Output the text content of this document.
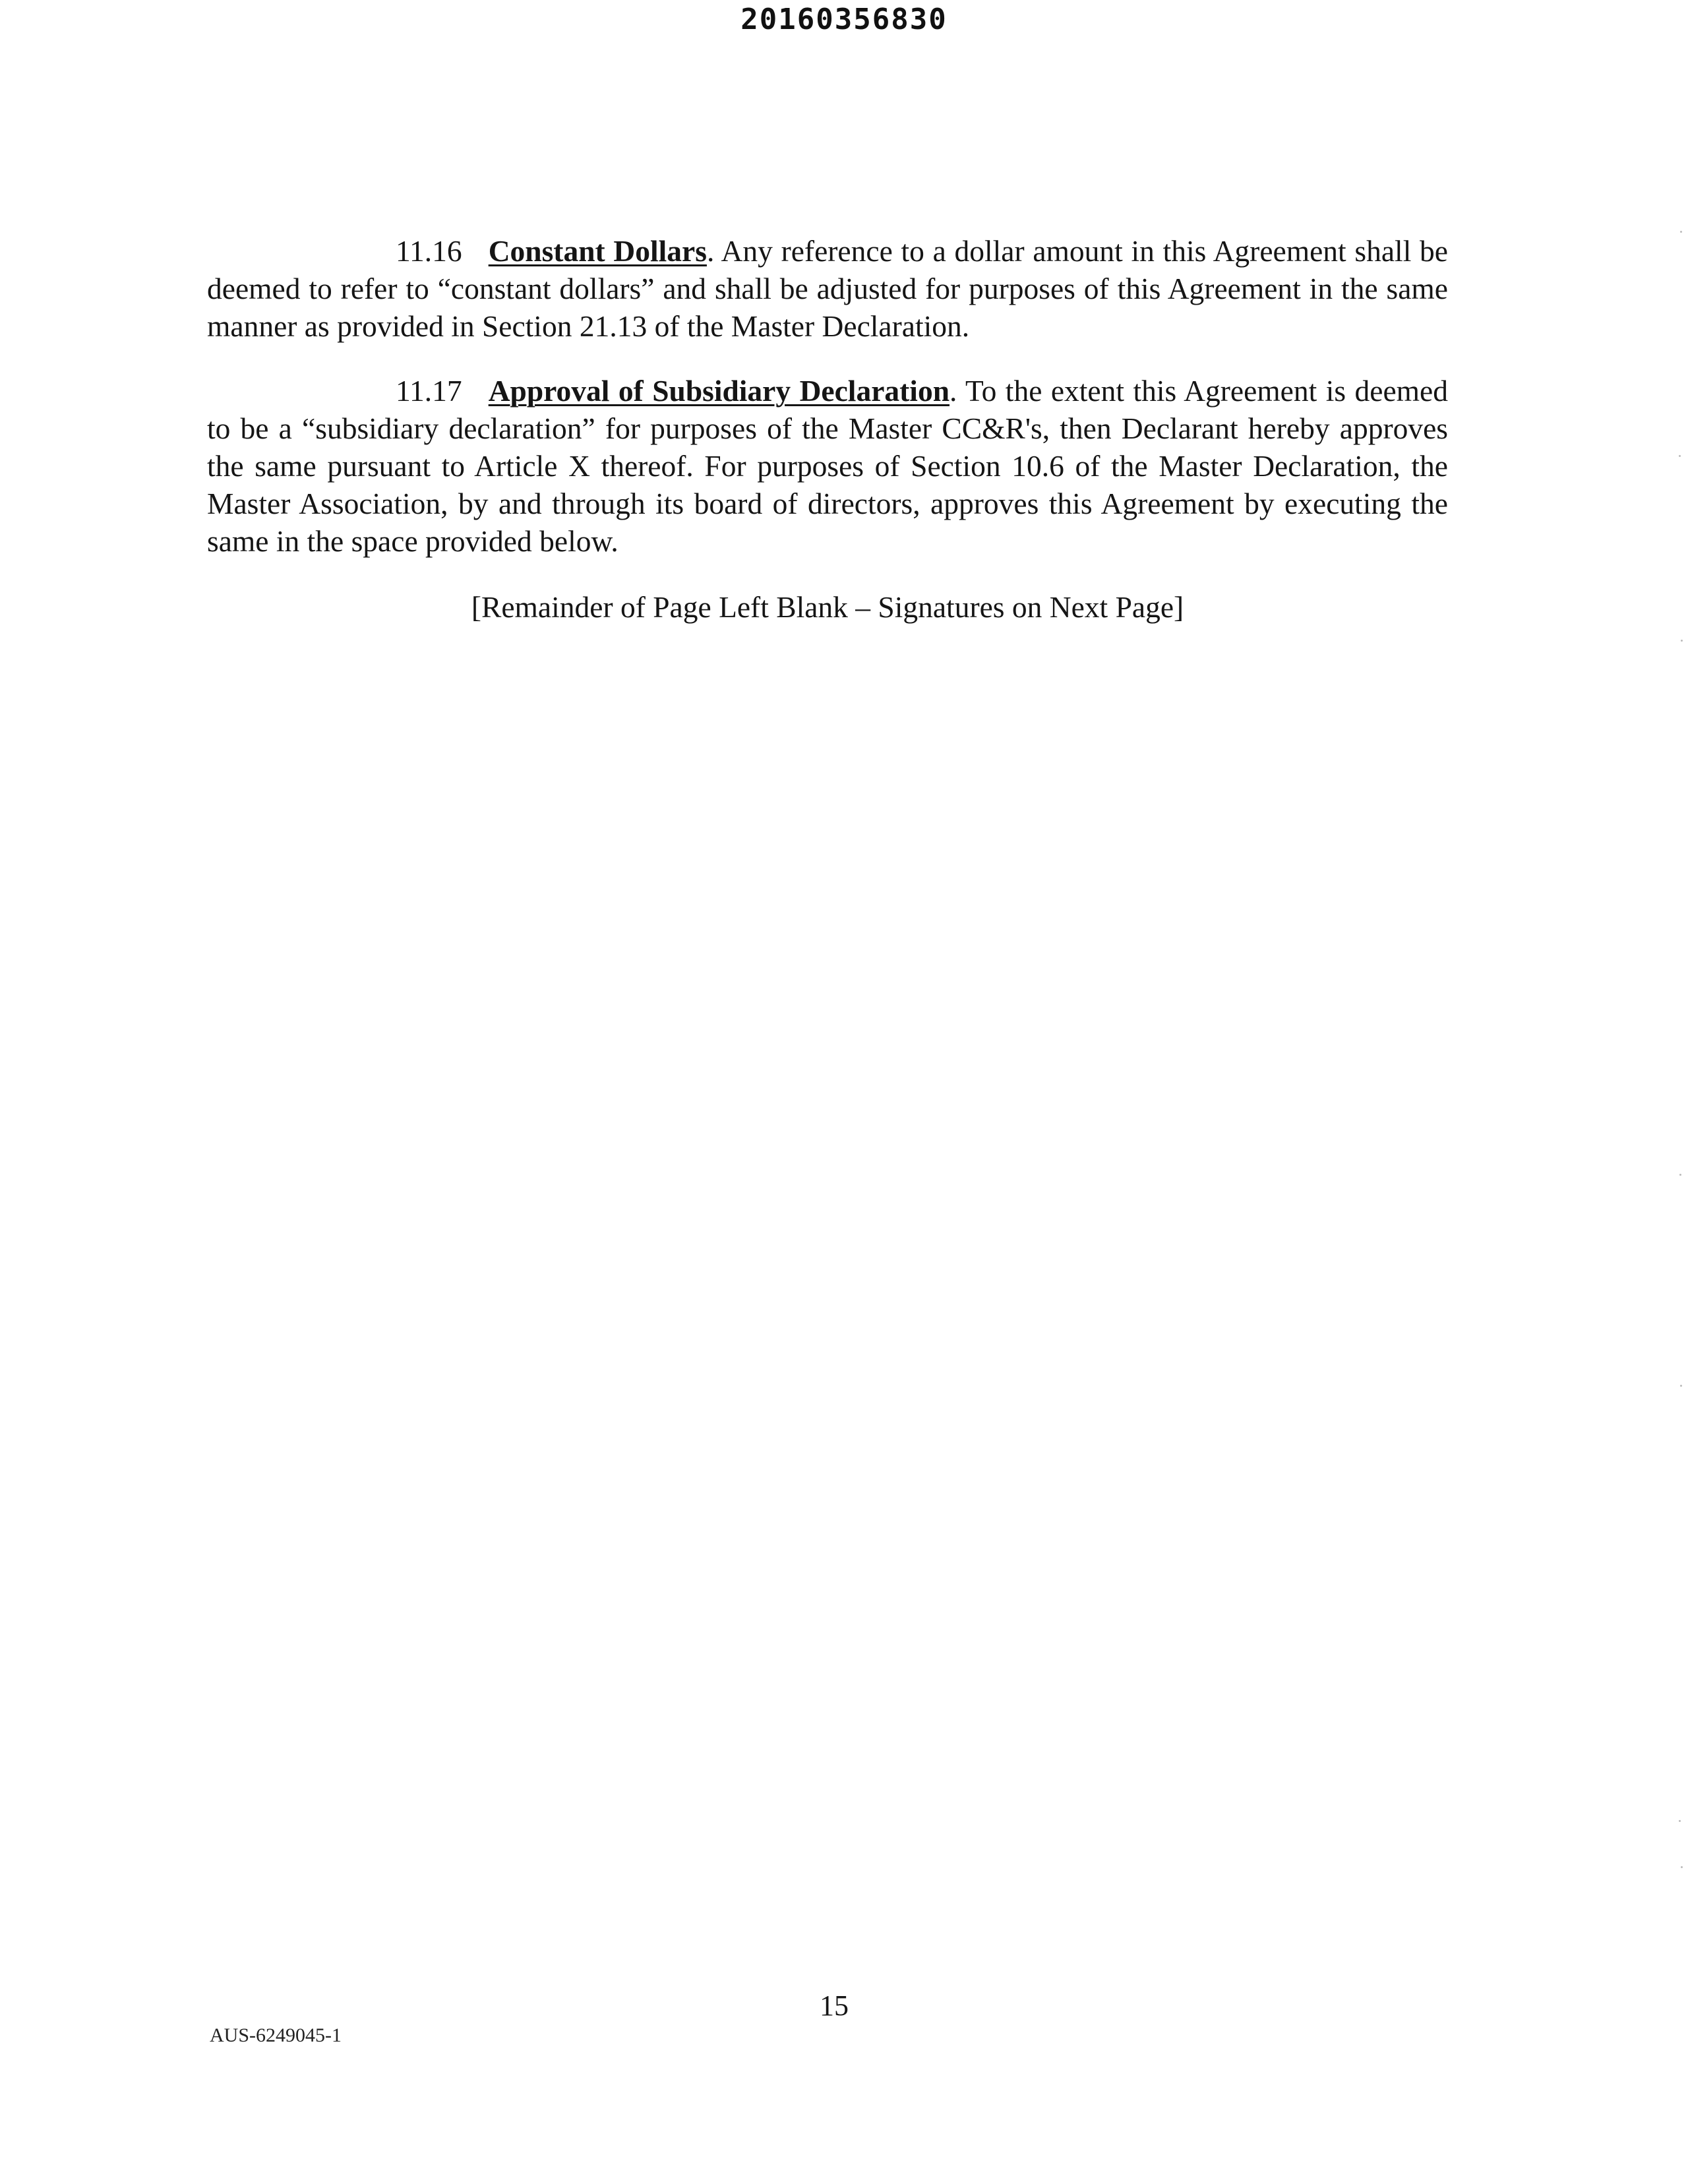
20160356830
11.16 Constant Dollars. Any reference to a dollar amount in this Agreement shall be deemed to refer to “constant dollars” and shall be adjusted for purposes of this Agreement in the same manner as provided in Section 21.13 of the Master Declaration.
11.17 Approval of Subsidiary Declaration. To the extent this Agreement is deemed to be a “subsidiary declaration” for purposes of the Master CC&R's, then Declarant hereby approves the same pursuant to Article X thereof. For purposes of Section 10.6 of the Master Declaration, the Master Association, by and through its board of directors, approves this Agreement by executing the same in the space provided below.
[Remainder of Page Left Blank – Signatures on Next Page]
15
AUS-6249045-1
